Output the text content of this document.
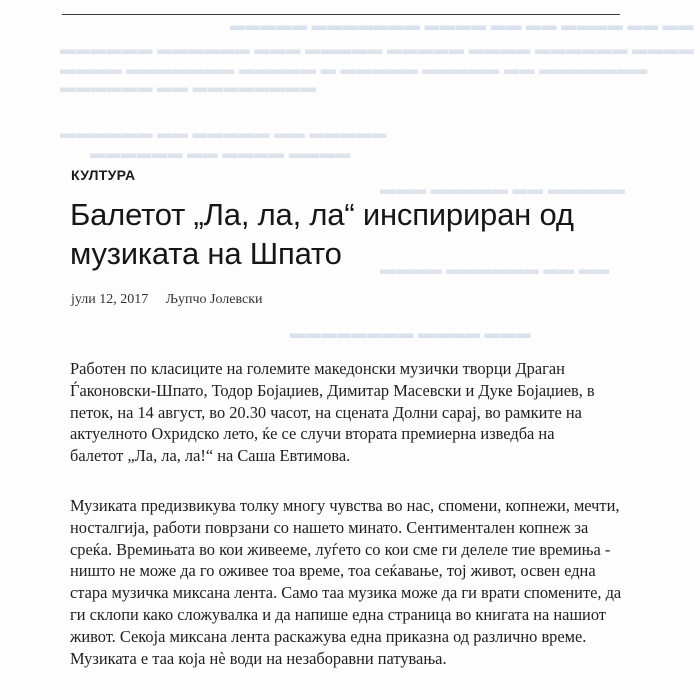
▬▬▬▬▬ ▬▬▬▬▬▬▬ ▬▬▬▬ ▬▬ ▬▬ ▬▬▬▬ ▬▬ ▬▬
▬▬▬▬▬▬ ▬▬▬▬▬▬ ▬▬▬ ▬▬▬▬▬ ▬▬▬▬▬ ▬▬▬▬ ▬▬▬▬▬▬ ▬▬▬▬
▬▬▬▬ ▬▬▬▬▬▬▬ ▬▬▬▬▬ ▬ ▬▬▬▬▬ ▬▬▬▬▬ ▬▬ ▬▬▬▬▬▬▬
▬▬▬▬▬▬ ▬▬ ▬▬▬▬▬▬▬▬
▬▬▬▬▬▬ ▬▬ ▬▬▬▬▬ ▬▬ ▬▬▬▬▬
▬▬▬▬▬▬ ▬▬ ▬▬▬▬ ▬▬▬▬
▬▬▬ ▬▬▬▬▬ ▬▬ ▬▬▬▬▬
▬▬▬▬ ▬▬▬▬▬▬ ▬▬ ▬▬
▬▬▬▬▬▬▬▬ ▬▬▬▬ ▬▬▬
КУЛТУРА
Балетот „Ла, ла, ла“ инспириран од
музиката на Шпато
јули 12, 2017 Љупчо Јолевски

Работен по класиците на големите македонски музички творци Драган
Ѓаконовски-Шпато, Тодор Бојаџиев, Димитар Масевски и Дуке Бојаџиев, в
петок, на 14 август, во 20.30 часот, на сцената Долни сарај, во рамките на
актуелното Охридско лето, ќе се случи втората премиерна изведба на
балетот „Ла, ла, ла!“ на Саша Евтимова.

Музиката предизвикува толку многу чувства во нас, спомени, копнежи, мечти,
носталгија, работи поврзани со нашето минато. Сентиментален копнеж за
среќа. Времињата во кои живееме, луѓето со кои сме ги делеле тие времиња -
ништо не може да го оживее тоа време, тоа сеќавање, тој живот, освен една
стара музичка миксана лента. Само таа музика може да ги врати спомените, да
ги склопи како сложувалка и да напише една страница во книгата на нашиот
живот. Секоја миксана лента раскажува една приказна од различно време.
Музиката е таа која нè води на незаборавни патувања.
